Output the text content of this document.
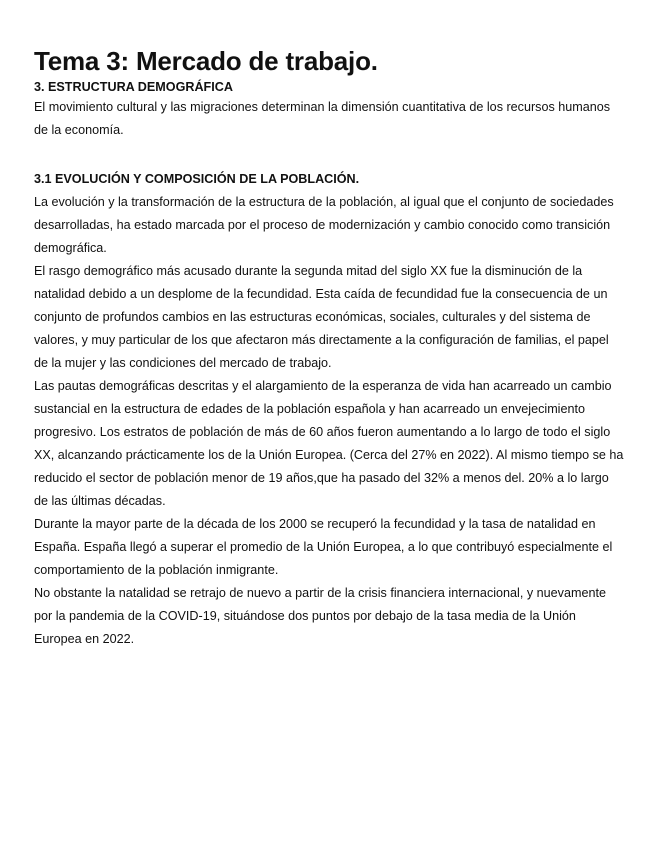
Tema 3: Mercado de trabajo.
3. ESTRUCTURA DEMOGRÁFICA

El movimiento cultural y las migraciones determinan la dimensión cuantitativa de los recursos humanos de la economía.

3.1 EVOLUCIÓN Y COMPOSICIÓN DE LA POBLACIÓN.

La evolución y la transformación de la estructura de la población, al igual que el conjunto de sociedades desarrolladas, ha estado marcada por el proceso de modernización y cambio conocido como transición demográfica.

El rasgo demográfico más acusado durante la segunda mitad del siglo XX fue la disminución de la natalidad debido a un desplome de la fecundidad. Esta caída de fecundidad fue la consecuencia de un conjunto de profundos cambios en las estructuras económicas, sociales, culturales y del sistema de valores, y muy particular de los que afectaron más directamente a la configuración de familias, el papel de la mujer y las condiciones del mercado de trabajo.

Las pautas demográficas descritas y el alargamiento de la esperanza de vida han acarreado un cambio sustancial en la estructura de edades de la población española y han acarreado un envejecimiento progresivo. Los estratos de población de más de 60 años fueron aumentando a lo largo de todo el siglo XX, alcanzando prácticamente los de la Unión Europea. (Cerca del 27% en 2022). Al mismo tiempo se ha reducido el sector de población menor de 19 años,que ha pasado del 32% a menos del. 20% a lo largo de las últimas décadas.

Durante la mayor parte de la década de los 2000 se recuperó la fecundidad y la tasa de natalidad en España. España llegó a superar el promedio de la Unión Europea, a lo que contribuyó especialmente el comportamiento de la población inmigrante.

No obstante la natalidad se retrajo de nuevo a partir de la crisis financiera internacional, y nuevamente por la pandemia de la COVID-19, situándose dos puntos por debajo de la tasa media de la Unión Europea en 2022.
